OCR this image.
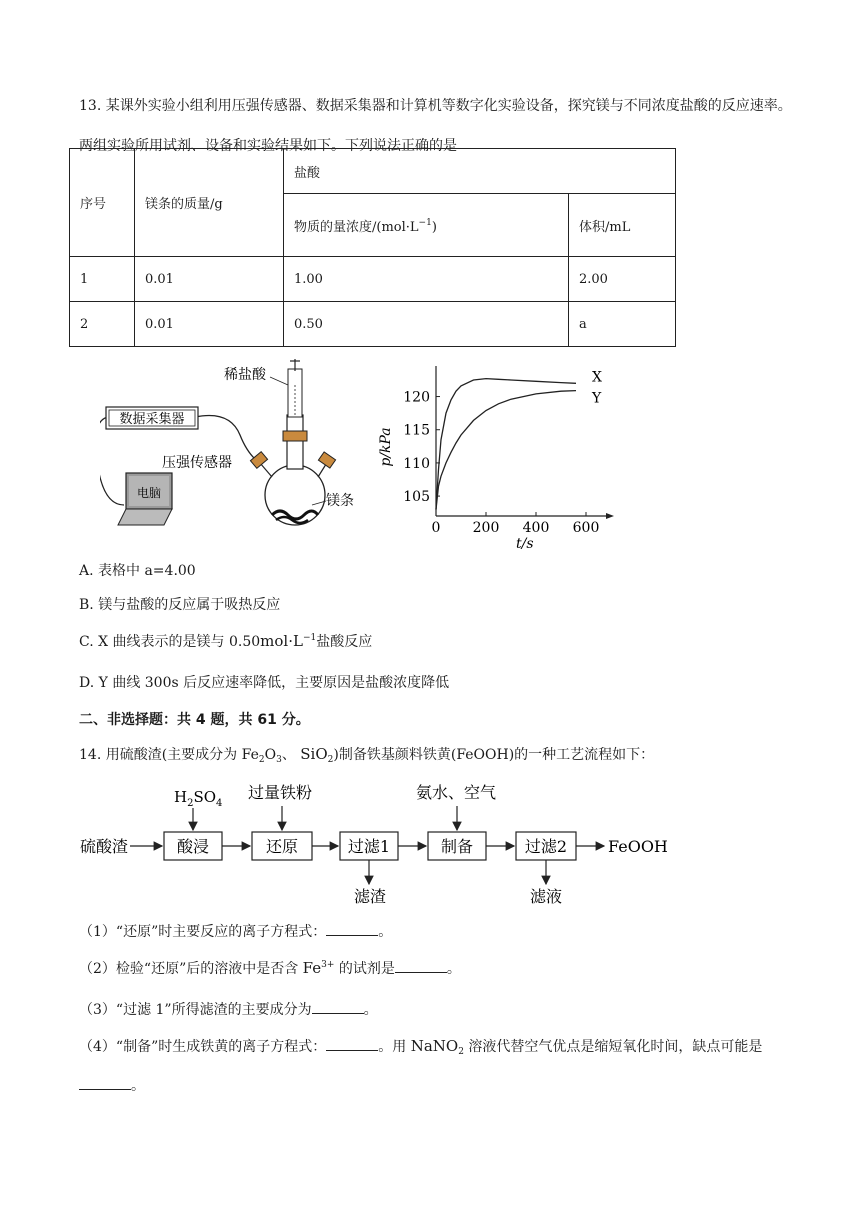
13. 某课外实验小组利用压强传感器、数据采集器和计算机等数字化实验设备，探究镁与不同浓度盐酸的反应速率。两组实验所用试剂、设备和实验结果如下。下列说法正确的是
序号	镁条的质量/g	盐酸	
		物质的量浓度$/(mol\cdot L^{-1})$	体积/mL
1	0.01	1.00	2.00
2	0.01	0.50	a
数据采集器
电脑
稀盐酸
压强传感器
镁条
0 200 400 600
105
110
115
120
t/s
p/kPa
X
Y
A. 表格中 a=4.00
B. 镁与盐酸的反应属于吸热反应
C. X 曲线表示的是镁与 $0.50mol\cdot L^{-1}$盐酸反应
D. Y 曲线 300s 后反应速率降低，主要原因是盐酸浓度降低
二、非选择题：共 4 题，共 61 分。
14. 用硫酸渣(主要成分为 $Fe_2O_3$、 SiO$_2$)制备铁基颜料铁黄(FeOOH)的一种工艺流程如下：
硫酸渣	酸浸	还原	过滤1	制备	过滤2	FeOOH
$H_2SO_4$
过量铁粉	氨水、空气
滤渣	滤液
（1）“还原”时主要反应的离子方程式：	。
（2）检验“还原”后的溶液中是否含 $Fe^{3+}$ 的试剂是	。
（3）“过滤 1”所得滤渣的主要成分为	。
（4）“制备”时生成铁黄的离子方程式：	。用 NaNO$_2$ 溶液代替空气优点是缩短氧化时间，缺点可能是
。
